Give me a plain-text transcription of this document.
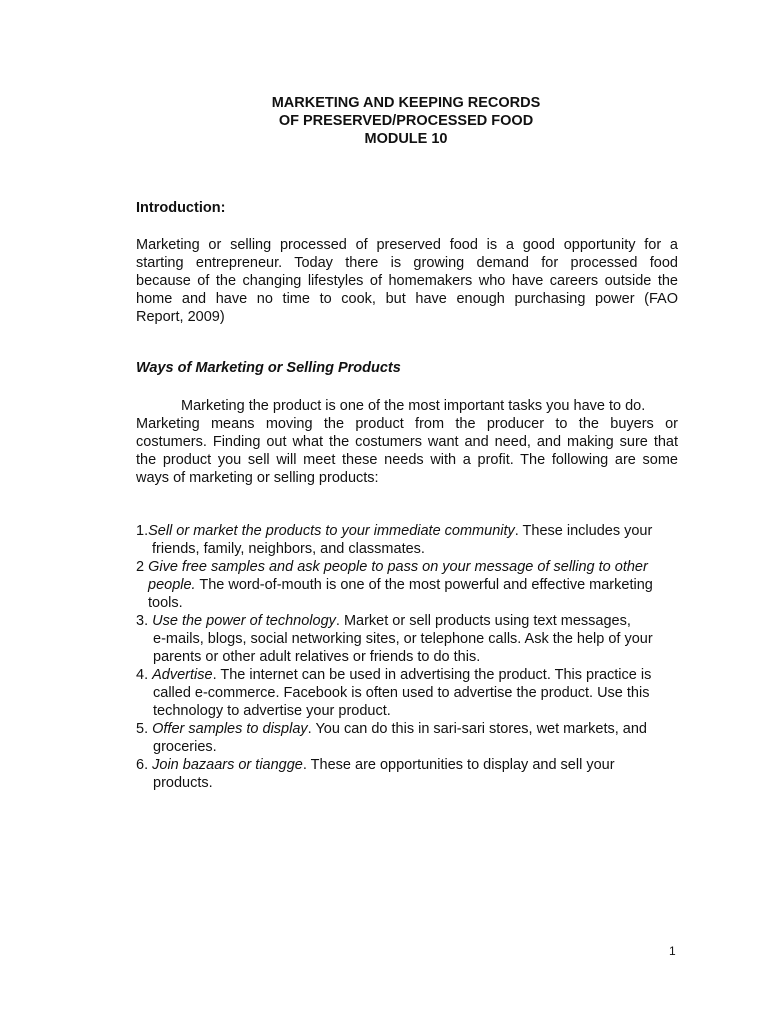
MARKETING AND KEEPING RECORDS
OF PRESERVED/PROCESSED FOOD
MODULE 10
Introduction:
Marketing or selling processed of preserved food is a good opportunity for a
starting entrepreneur. Today there is growing demand for processed food
because of the changing lifestyles of homemakers who have careers outside the
home and have no time to cook, but have enough purchasing power (FAO
Report, 2009)
Ways of Marketing or Selling Products
Marketing the product is one of the most important tasks you have to do.
Marketing means moving the product from the producer to the buyers or
costumers. Finding out what the costumers want and need, and making sure that
the product you sell will meet these needs with a profit. The following are some
ways of marketing or selling products:
1.Sell or market the products to your immediate community. These includes your
friends, family, neighbors, and classmates.
2 Give free samples and ask people to pass on your message of selling to other
people. The word-of-mouth is one of the most powerful and effective marketing
tools.
3. Use the power of technology. Market or sell products using text messages,
e-mails, blogs, social networking sites, or telephone calls. Ask the help of your
parents or other adult relatives or friends to do this.
4. Advertise. The internet can be used in advertising the product. This practice is
called e-commerce. Facebook is often used to advertise the product. Use this
technology to advertise your product.
5. Offer samples to display. You can do this in sari-sari stores, wet markets, and
groceries.
6. Join bazaars or tiangge. These are opportunities to display and sell your
products.
1
